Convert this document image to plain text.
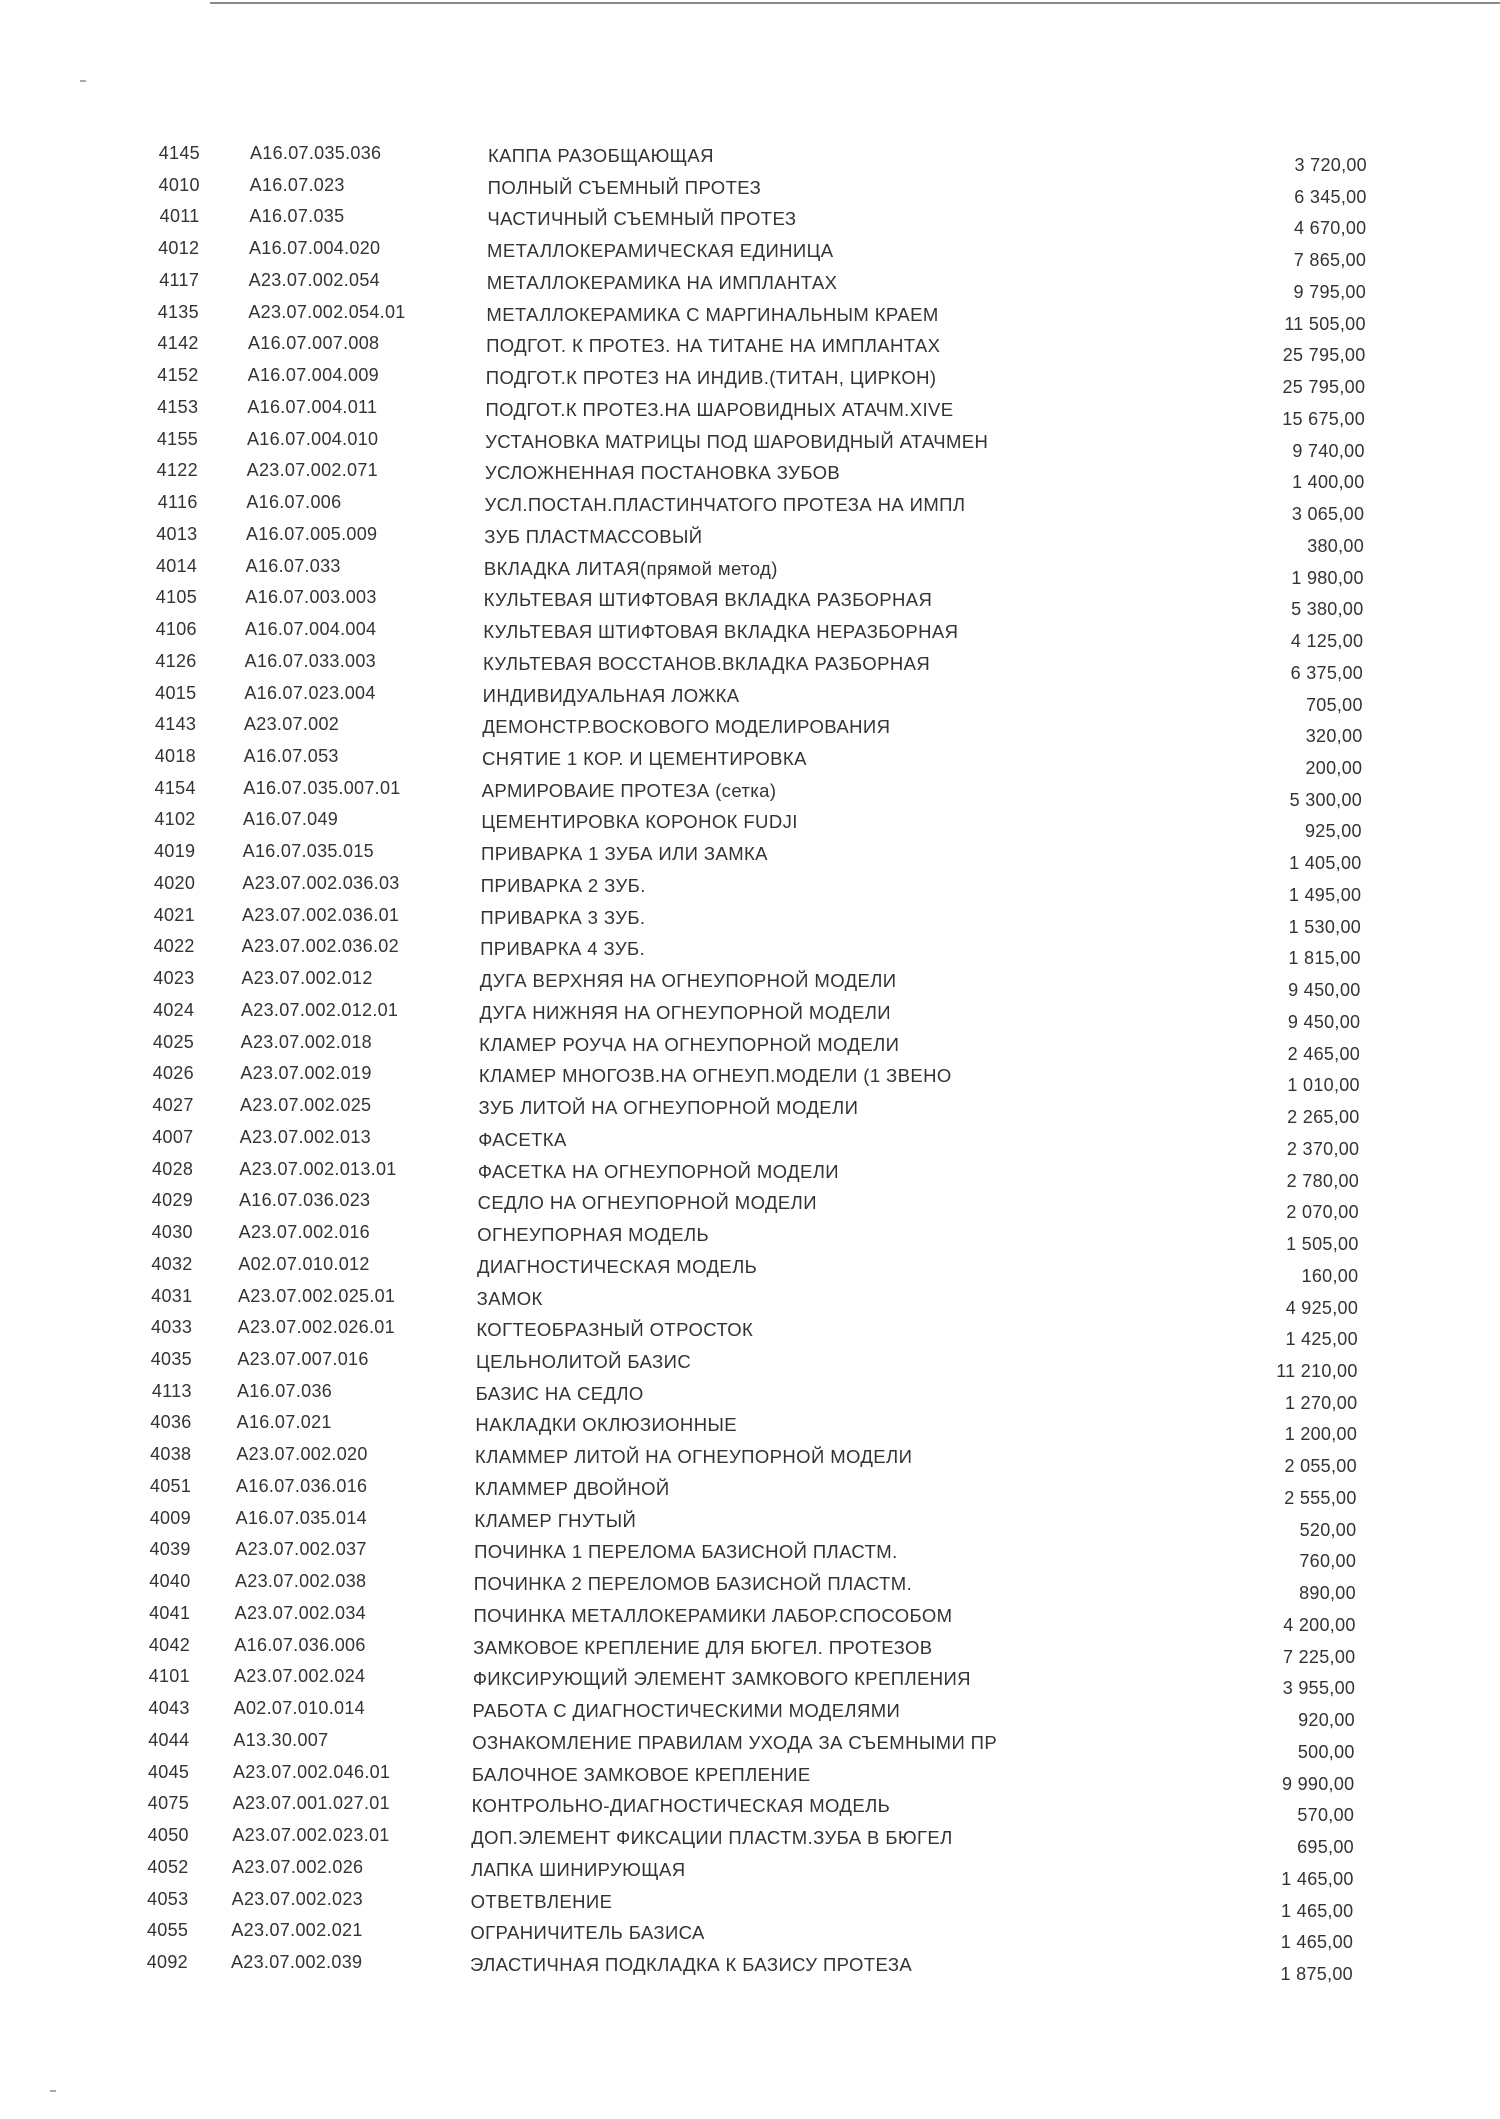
4145	А16.07.035.036	КАППА РАЗОБЩАЮЩАЯ	3 720,00
4010	А16.07.023	ПОЛНЫЙ СЪЕМНЫЙ ПРОТЕЗ	6 345,00
4011	А16.07.035	ЧАСТИЧНЫЙ СЪЕМНЫЙ ПРОТЕЗ	4 670,00
4012	А16.07.004.020	МЕТАЛЛОКЕРАМИЧЕСКАЯ ЕДИНИЦА	7 865,00
4117	А23.07.002.054	МЕТАЛЛОКЕРАМИКА НА ИМПЛАНТАХ	9 795,00
4135	А23.07.002.054.01	МЕТАЛЛОКЕРАМИКА С МАРГИНАЛЬНЫМ КРАЕМ	11 505,00
4142	А16.07.007.008	ПОДГОТ. К ПРОТЕЗ. НА ТИТАНЕ НА ИМПЛАНТАХ	25 795,00
4152	А16.07.004.009	ПОДГОТ.К ПРОТЕЗ НА ИНДИВ.(ТИТАН, ЦИРКОН)	25 795,00
4153	А16.07.004.011	ПОДГОТ.К ПРОТЕЗ.НА ШАРОВИДНЫХ АТАЧМ.XIVE	15 675,00
4155	А16.07.004.010	УСТАНОВКА МАТРИЦЫ ПОД ШАРОВИДНЫЙ АТАЧМЕН	9 740,00
4122	А23.07.002.071	УСЛОЖНЕННАЯ ПОСТАНОВКА ЗУБОВ	1 400,00
4116	А16.07.006	УСЛ.ПОСТАН.ПЛАСТИНЧАТОГО ПРОТЕЗА НА ИМПЛ	3 065,00
4013	А16.07.005.009	ЗУБ ПЛАСТМАССОВЫЙ	380,00
4014	А16.07.033	ВКЛАДКА ЛИТАЯ(прямой метод)	1 980,00
4105	А16.07.003.003	КУЛЬТЕВАЯ ШТИФТОВАЯ ВКЛАДКА РАЗБОРНАЯ	5 380,00
4106	А16.07.004.004	КУЛЬТЕВАЯ ШТИФТОВАЯ ВКЛАДКА НЕРАЗБОРНАЯ	4 125,00
4126	А16.07.033.003	КУЛЬТЕВАЯ ВОССТАНОВ.ВКЛАДКА РАЗБОРНАЯ	6 375,00
4015	А16.07.023.004	ИНДИВИДУАЛЬНАЯ ЛОЖКА	705,00
4143	А23.07.002	ДЕМОНСТР.ВОСКОВОГО МОДЕЛИРОВАНИЯ	320,00
4018	А16.07.053	СНЯТИЕ 1 КОР. И ЦЕМЕНТИРОВКА	200,00
4154	А16.07.035.007.01	АРМИРОВАИЕ ПРОТЕЗА (сетка)	5 300,00
4102	А16.07.049	ЦЕМЕНТИРОВКА КОРОНОК FUDJI	925,00
4019	А16.07.035.015	ПРИВАРКА 1 ЗУБА ИЛИ ЗАМКА	1 405,00
4020	А23.07.002.036.03	ПРИВАРКА 2 ЗУБ.	1 495,00
4021	А23.07.002.036.01	ПРИВАРКА 3 ЗУБ.	1 530,00
4022	А23.07.002.036.02	ПРИВАРКА 4 ЗУБ.	1 815,00
4023	А23.07.002.012	ДУГА ВЕРХНЯЯ НА ОГНЕУПОРНОЙ МОДЕЛИ	9 450,00
4024	А23.07.002.012.01	ДУГА НИЖНЯЯ НА ОГНЕУПОРНОЙ МОДЕЛИ	9 450,00
4025	А23.07.002.018	КЛАМЕР РОУЧА НА ОГНЕУПОРНОЙ МОДЕЛИ	2 465,00
4026	А23.07.002.019	КЛАМЕР МНОГОЗВ.НА ОГНЕУП.МОДЕЛИ (1 ЗВЕНО	1 010,00
4027	А23.07.002.025	ЗУБ ЛИТОЙ НА ОГНЕУПОРНОЙ МОДЕЛИ	2 265,00
4007	А23.07.002.013	ФАСЕТКА	2 370,00
4028	А23.07.002.013.01	ФАСЕТКА НА ОГНЕУПОРНОЙ МОДЕЛИ	2 780,00
4029	А16.07.036.023	СЕДЛО НА ОГНЕУПОРНОЙ МОДЕЛИ	2 070,00
4030	А23.07.002.016	ОГНЕУПОРНАЯ МОДЕЛЬ	1 505,00
4032	А02.07.010.012	ДИАГНОСТИЧЕСКАЯ МОДЕЛЬ	160,00
4031	А23.07.002.025.01	ЗАМОК	4 925,00
4033	А23.07.002.026.01	КОГТЕОБРАЗНЫЙ ОТРОСТОК	1 425,00
4035	А23.07.007.016	ЦЕЛЬНОЛИТОЙ БАЗИС	11 210,00
4113	А16.07.036	БАЗИС НА СЕДЛО	1 270,00
4036	А16.07.021	НАКЛАДКИ ОКЛЮЗИОННЫЕ	1 200,00
4038 А23.07.002.020	КЛАММЕР ЛИТОЙ НА ОГНЕУПОРНОЙ МОДЕЛИ	2 055,00
4051 А16.07.036.016	КЛАММЕР ДВОЙНОЙ	2 555,00
4009 А16.07.035.014	КЛАМЕР ГНУТЫЙ	520,00
4039 А23.07.002.037	ПОЧИНКА 1 ПЕРЕЛОМА БАЗИСНОЙ ПЛАСТМ.	760,00
4040 А23.07.002.038	ПОЧИНКА 2 ПЕРЕЛОМОВ БАЗИСНОЙ ПЛАСТМ.	890,00
4041 А23.07.002.034	ПОЧИНКА МЕТАЛЛОКЕРАМИКИ ЛАБОР.СПОСОБОМ	4 200,00
4042 А16.07.036.006	ЗАМКОВОЕ КРЕПЛЕНИЕ ДЛЯ БЮГЕЛ. ПРОТЕЗОВ	7 225,00
4101 А23.07.002.024	ФИКСИРУЮЩИЙ ЭЛЕМЕНТ ЗАМКОВОГО КРЕПЛЕНИЯ	3 955,00
4043 А02.07.010.014	РАБОТА С ДИАГНОСТИЧЕСКИМИ МОДЕЛЯМИ	920,00
4044 А13.30.007	ОЗНАКОМЛЕНИЕ ПРАВИЛАМ УХОДА ЗА СЪЕМНЫМИ ПР	500,00
4045 А23.07.002.046.01	БАЛОЧНОЕ ЗАМКОВОЕ КРЕПЛЕНИЕ	9 990,00
4075 А23.07.001.027.01	КОНТРОЛЬНО-ДИАГНОСТИЧЕСКАЯ МОДЕЛЬ	570,00
4050 А23.07.002.023.01	ДОП.ЭЛЕМЕНТ ФИКСАЦИИ ПЛАСТМ.ЗУБА В БЮГЕЛ	695,00
4052 А23.07.002.026	ЛАПКА ШИНИРУЮЩАЯ	1 465,00
4053 А23.07.002.023	ОТВЕТВЛЕНИЕ	1 465,00
4055 А23.07.002.021	ОГРАНИЧИТЕЛЬ БАЗИСА	1 465,00
4092 А23.07.002.039	ЭЛАСТИЧНАЯ ПОДКЛАДКА К БАЗИСУ ПРОТЕЗА	1 875,00
